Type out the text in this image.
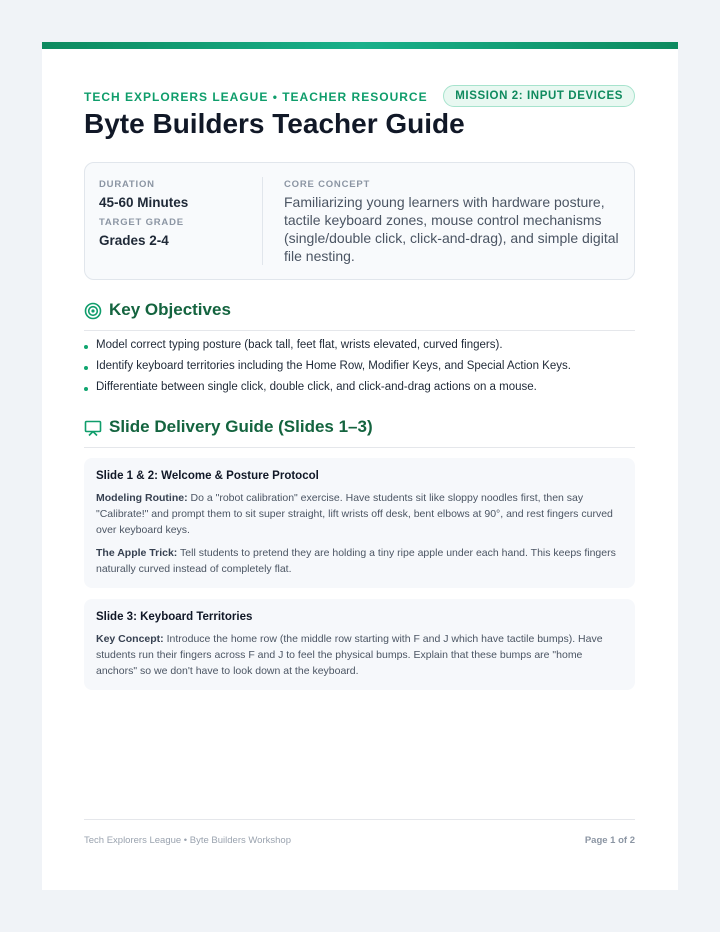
TECH EXPLORERS LEAGUE • TEACHER RESOURCE	MISSION 2: INPUT DEVICES
Byte Builders Teacher Guide
DURATION
45-60 Minutes
TARGET GRADE
Grades 2-4
CORE CONCEPT
Familiarizing young learners with hardware posture, tactile keyboard zones, mouse control mechanisms (single/double click, click-and-drag), and simple digital file nesting.
Key Objectives
Model correct typing posture (back tall, feet flat, wrists elevated, curved fingers).
Identify keyboard territories including the Home Row, Modifier Keys, and Special Action Keys.
Differentiate between single click, double click, and click-and-drag actions on a mouse.
Slide Delivery Guide (Slides 1–3)
Slide 1 & 2: Welcome & Posture Protocol

Modeling Routine: Do a "robot calibration" exercise. Have students sit like sloppy noodles first, then say "Calibrate!" and prompt them to sit super straight, lift wrists off desk, bent elbows at 90°, and rest fingers curved over keyboard keys.

The Apple Trick: Tell students to pretend they are holding a tiny ripe apple under each hand. This keeps fingers naturally curved instead of completely flat.

Slide 3: Keyboard Territories

Key Concept: Introduce the home row (the middle row starting with F and J which have tactile bumps). Have students run their fingers across F and J to feel the physical bumps. Explain that these bumps are "home anchors" so we don't have to look down at the keyboard.

Tech Explorers League • Byte Builders Workshop	Page 1 of 2
